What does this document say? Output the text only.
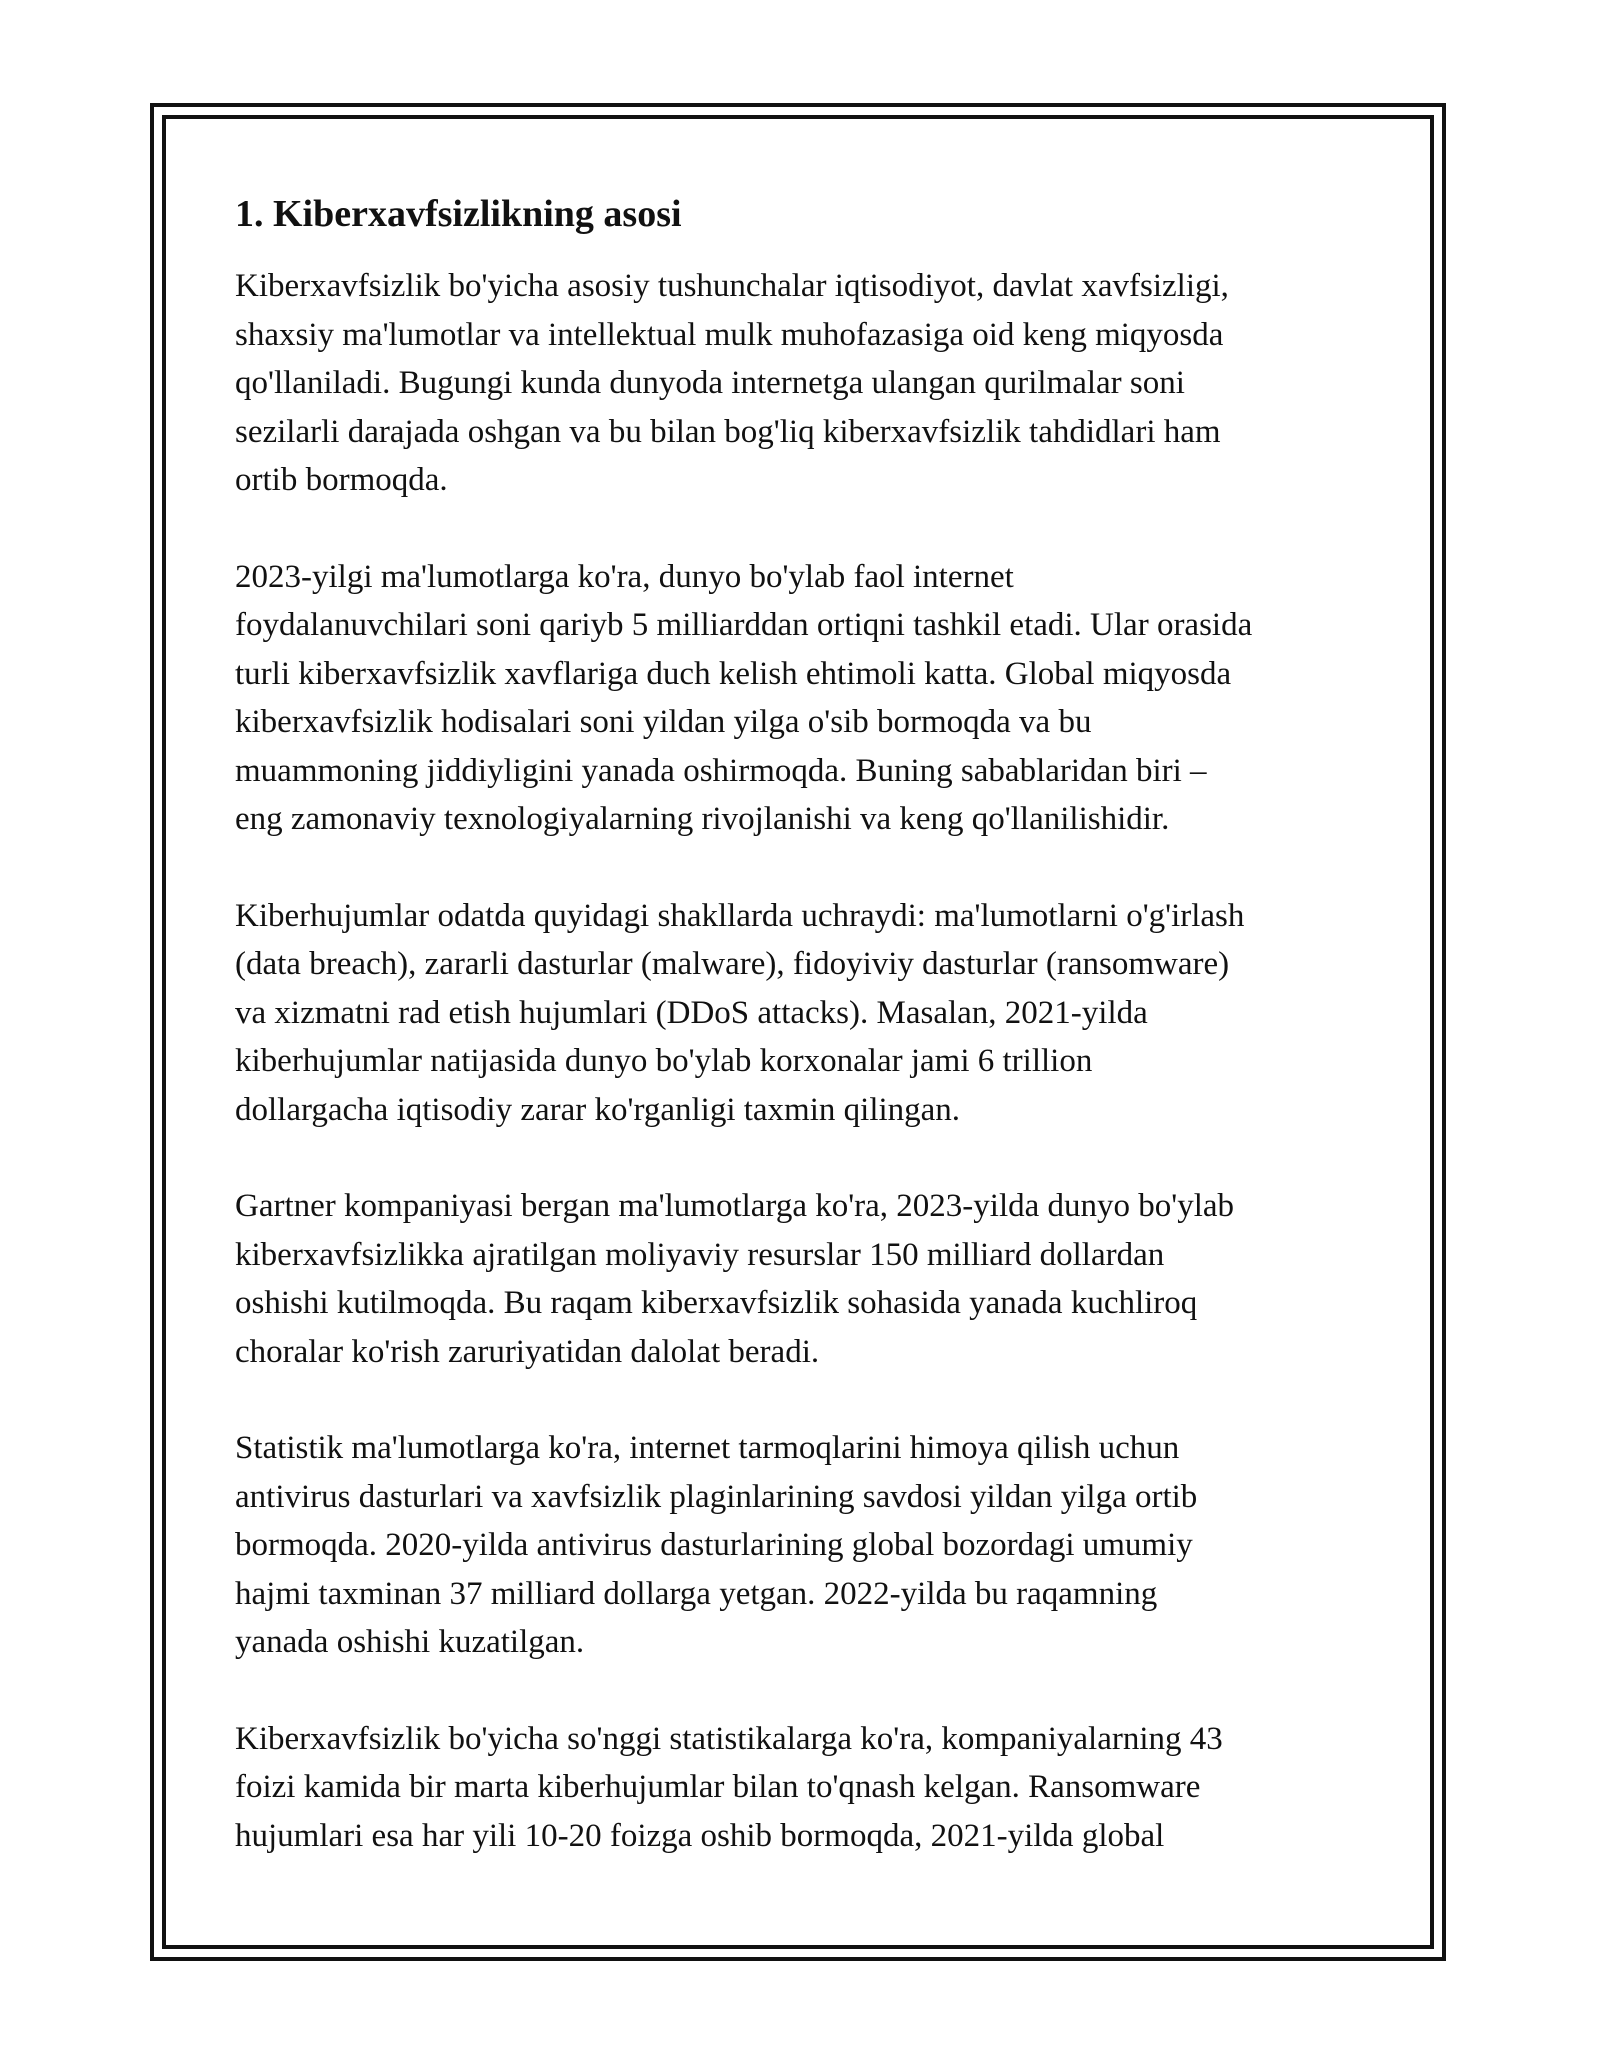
1. Kiberxavfsizlikning asosi

Kiberxavfsizlik bo'yicha asosiy tushunchalar iqtisodiyot, davlat xavfsizligi,
shaxsiy ma'lumotlar va intellektual mulk muhofazasiga oid keng miqyosda
qo'llaniladi. Bugungi kunda dunyoda internetga ulangan qurilmalar soni
sezilarli darajada oshgan va bu bilan bog'liq kiberxavfsizlik tahdidlari ham
ortib bormoqda.

2023-yilgi ma'lumotlarga ko'ra, dunyo bo'ylab faol internet
foydalanuvchilari soni qariyb 5 milliarddan ortiqni tashkil etadi. Ular orasida
turli kiberxavfsizlik xavflariga duch kelish ehtimoli katta. Global miqyosda
kiberxavfsizlik hodisalari soni yildan yilga o'sib bormoqda va bu
muammoning jiddiyligini yanada oshirmoqda. Buning sabablaridan biri –
eng zamonaviy texnologiyalarning rivojlanishi va keng qo'llanilishidir.

Kiberhujumlar odatda quyidagi shakllarda uchraydi: ma'lumotlarni o'g'irlash
(data breach), zararli dasturlar (malware), fidoyiviy dasturlar (ransomware)
va xizmatni rad etish hujumlari (DDoS attacks). Masalan, 2021-yilda
kiberhujumlar natijasida dunyo bo'ylab korxonalar jami 6 trillion
dollargacha iqtisodiy zarar ko'rganligi taxmin qilingan.

Gartner kompaniyasi bergan ma'lumotlarga ko'ra, 2023-yilda dunyo bo'ylab
kiberxavfsizlikka ajratilgan moliyaviy resurslar 150 milliard dollardan
oshishi kutilmoqda. Bu raqam kiberxavfsizlik sohasida yanada kuchliroq
choralar ko'rish zaruriyatidan dalolat beradi.

Statistik ma'lumotlarga ko'ra, internet tarmoqlarini himoya qilish uchun
antivirus dasturlari va xavfsizlik plaginlarining savdosi yildan yilga ortib
bormoqda. 2020-yilda antivirus dasturlarining global bozordagi umumiy
hajmi taxminan 37 milliard dollarga yetgan. 2022-yilda bu raqamning
yanada oshishi kuzatilgan.

Kiberxavfsizlik bo'yicha so'nggi statistikalarga ko'ra, kompaniyalarning 43
foizi kamida bir marta kiberhujumlar bilan to'qnash kelgan. Ransomware
hujumlari esa har yili 10-20 foizga oshib bormoqda, 2021-yilda global
